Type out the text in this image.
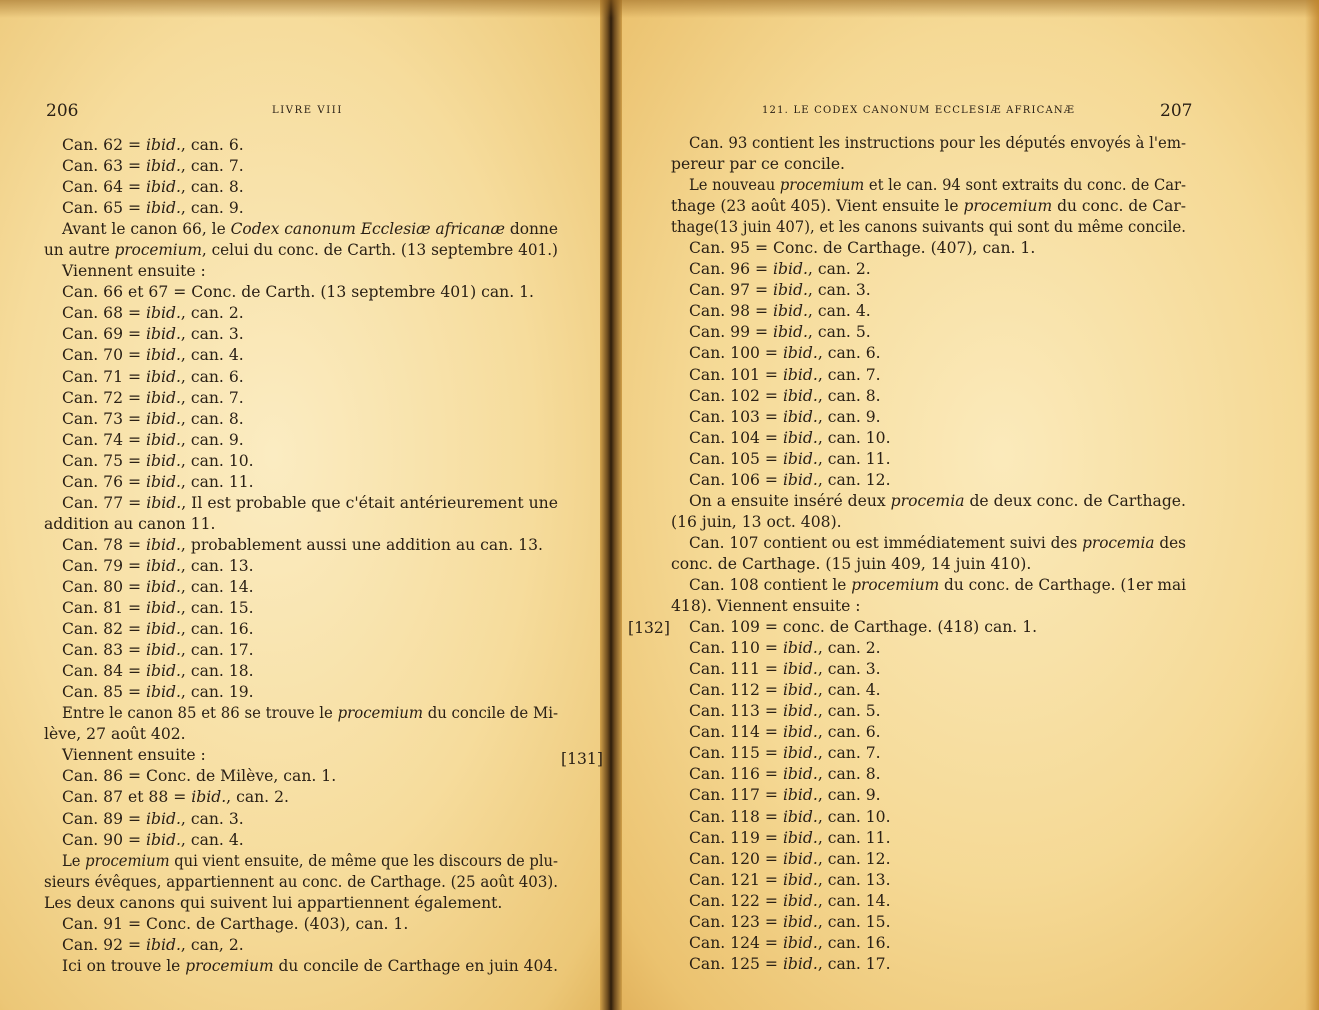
206	LIVRE VIII	121. LE CODEX CANONUM ECCLESIÆ AFRICANÆ	207
Can. 62 = ibid., can. 6.
Can. 63 = ibid., can. 7.
Can. 64 = ibid., can. 8.
Can. 65 = ibid., can. 9.
Avant le canon 66, le Codex canonum Ecclesiæ africanæ donne
un autre procemium, celui du conc. de Carth. (13 septembre 401.)
Viennent ensuite :
Can. 66 et 67 = Conc. de Carth. (13 septembre 401) can. 1.
Can. 68 = ibid., can. 2.
Can. 69 = ibid., can. 3.
Can. 70 = ibid., can. 4.
Can. 71 = ibid., can. 6.
Can. 72 = ibid., can. 7.
Can. 73 = ibid., can. 8.
Can. 74 = ibid., can. 9.
Can. 75 = ibid., can. 10.
Can. 76 = ibid., can. 11.
Can. 77 = ibid., Il est probable que c'était antérieurement une
addition au canon 11.
Can. 78 = ibid., probablement aussi une addition au can. 13.
Can. 79 = ibid., can. 13.
Can. 80 = ibid., can. 14.
Can. 81 = ibid., can. 15.
Can. 82 = ibid., can. 16.
Can. 83 = ibid., can. 17.
Can. 84 = ibid., can. 18.
Can. 85 = ibid., can. 19.
Entre le canon 85 et 86 se trouve le procemium du concile de Mi-
lève, 27 août 402.
Viennent ensuite :
Can. 86 = Conc. de Milève, can. 1.
Can. 87 et 88 = ibid., can. 2.
Can. 89 = ibid., can. 3.
Can. 90 = ibid., can. 4.
Le procemium qui vient ensuite, de même que les discours de plu-
sieurs évêques, appartiennent au conc. de Carthage. (25 août 403).
Les deux canons qui suivent lui appartiennent également.
Can. 91 = Conc. de Carthage. (403), can. 1.
Can. 92 = ibid., can, 2.
Ici on trouve le procemium du concile de Carthage en juin 404.
Can. 93 contient les instructions pour les députés envoyés à l'em-
pereur par ce concile.
Le nouveau procemium et le can. 94 sont extraits du conc. de Car-
thage (23 août 405). Vient ensuite le procemium du conc. de Car-
thage(13 juin 407), et les canons suivants qui sont du même concile.
Can. 95 = Conc. de Carthage. (407), can. 1.
Can. 96 = ibid., can. 2.
Can. 97 = ibid., can. 3.
Can. 98 = ibid., can. 4.
Can. 99 = ibid., can. 5.
Can. 100 = ibid., can. 6.
Can. 101 = ibid., can. 7.
Can. 102 = ibid., can. 8.
Can. 103 = ibid., can. 9.
Can. 104 = ibid., can. 10.
Can. 105 = ibid., can. 11.
Can. 106 = ibid., can. 12.
On a ensuite inséré deux procemia de deux conc. de Carthage.
(16 juin, 13 oct. 408).
Can. 107 contient ou est immédiatement suivi des procemia des
conc. de Carthage. (15 juin 409, 14 juin 410).
Can. 108 contient le procemium du conc. de Carthage. (1er mai
418). Viennent ensuite :
Can. 109 = conc. de Carthage. (418) can. 1.
Can. 110 = ibid., can. 2.
Can. 111 = ibid., can. 3.
Can. 112 = ibid., can. 4.
Can. 113 = ibid., can. 5.
Can. 114 = ibid., can. 6.
Can. 115 = ibid., can. 7.
Can. 116 = ibid., can. 8.
Can. 117 = ibid., can. 9.
Can. 118 = ibid., can. 10.
Can. 119 = ibid., can. 11.
Can. 120 = ibid., can. 12.
Can. 121 = ibid., can. 13.
Can. 122 = ibid., can. 14.
Can. 123 = ibid., can. 15.
Can. 124 = ibid., can. 16.
Can. 125 = ibid., can. 17.
[131]
[132]
